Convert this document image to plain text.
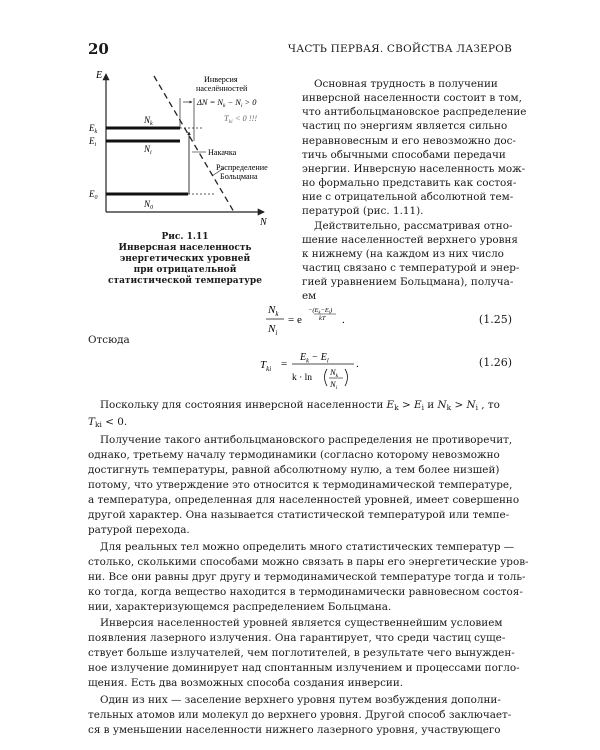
20	ЧАСТЬ ПЕРВАЯ. СВОЙСТВА ЛАЗЕРОВ
E
N
$E_k$
$E_i$
$E_0$
$N_k$
$N_i$
$N_0$
Инверсия
населённостей
$\Delta N = N_k - N_i > 0$
$T_{ki} < 0$ !!!
Накачка
Распределение
Больцмана
Рис. 1.11
Инверсная населенность
энергетических уровней
при отрицательной
статистической температуре
Основная трудность в получении
инверсной населенности состоит в том,
что антибольцмановское распределение
частиц по энергиям является сильно
неравновесным и его невозможно дос-
тичь обычными способами передачи
энергии. Инверсную населенность мож-
но формально представить как состоя-
ние с отрицательной абсолютной тем-
пературой (рис. 1.11).
Действительно, рассматривая отно-
шение населенностей верхнего уровня
к нижнему (на каждом из них число
частиц связано с температурой и энер-
гией уравнением Больцмана), получа-
ем
$N_k$
$N_i$
= e
$-(E_k-E_l)$
kT .	(1.25)
Отсюда
$T_{ki}$ =
$E_k - E_l$
k · ln
$N_k$
$N_i$
.	(1.26)
Поскольку для состояния инверсной населенности $E_k > E_i$ и $N_k > N_i$ , то
$T_{ki} < 0$.
Получение такого антибольцмановского распределения не противоречит,
однако, третьему началу термодинамики (согласно которому невозможно
достигнуть температуры, равной абсолютному нулю, а тем более низшей)
потому, что утверждение это относится к термодинамической температуре,
а температура, определенная для населенностей уровней, имеет совершенно
другой характер. Она называется статистической температурой или темпе-
ратурой перехода.
Для реальных тел можно определить много статистических температур —
столько, сколькими способами можно связать в пары его энергетические уров-
ни. Все они равны друг другу и термодинамической температуре тогда и толь-
ко тогда, когда вещество находится в термодинамически равновесном состоя-
нии, характеризующемся распределением Больцмана.
Инверсия населенностей уровней является существеннейшим условием
появления лазерного излучения. Она гарантирует, что среди частиц суще-
ствует больше излучателей, чем поглотителей, в результате чего вынужден-
ное излучение доминирует над спонтанным излучением и процессами погло-
щения. Есть два возможных способа создания инверсии.
Один из них — заселение верхнего уровня путем возбуждения дополни-
тельных атомов или молекул до верхнего уровня. Другой способ заключает-
ся в уменьшении населенности нижнего лазерного уровня, участвующего
